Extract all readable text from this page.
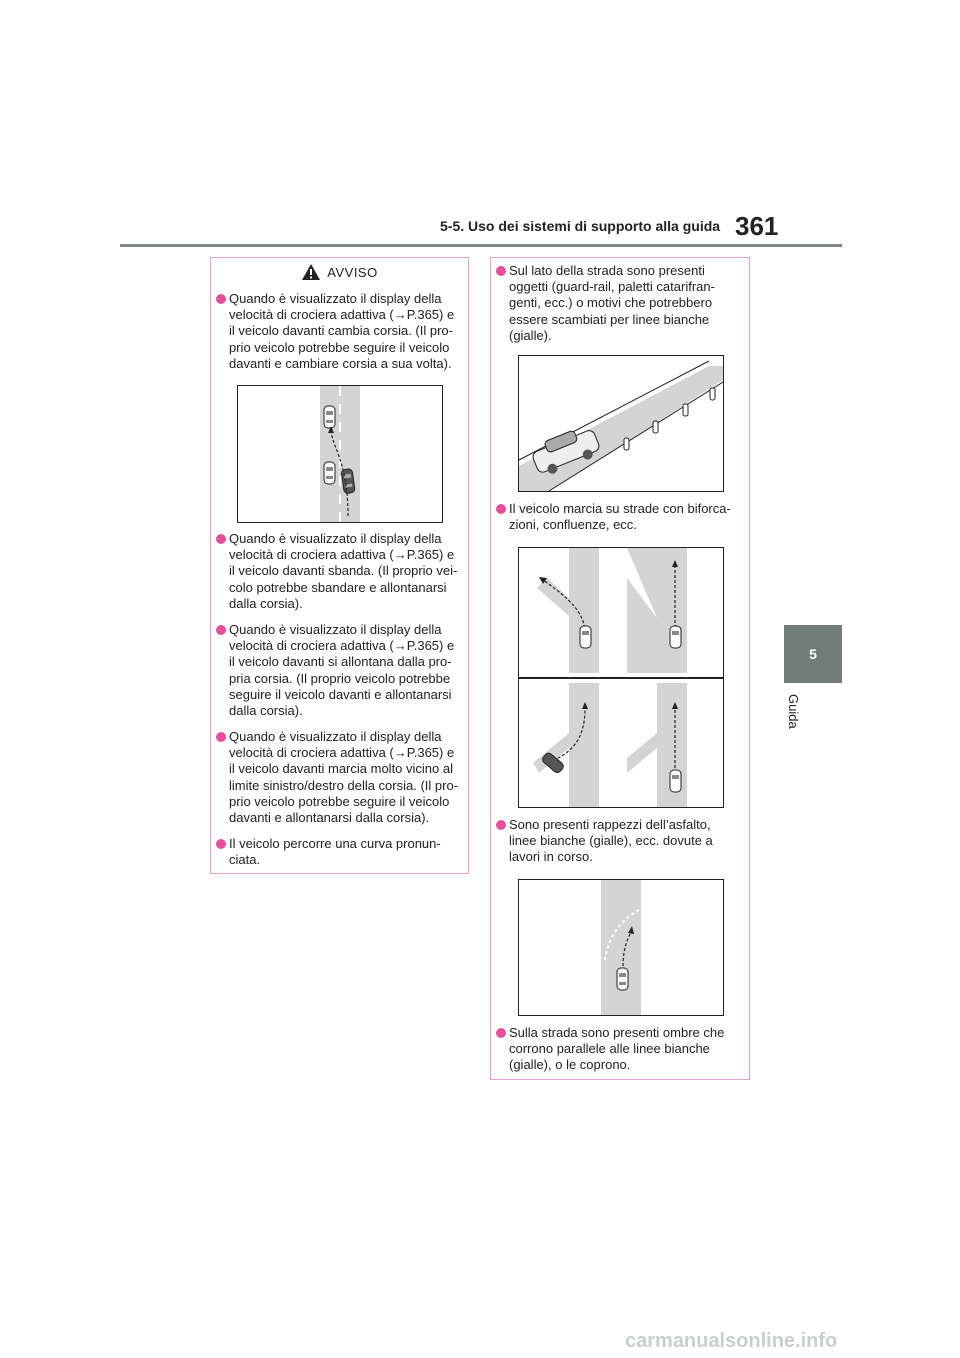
5-5. Uso dei sistemi di supporto alla guida 361
5
Guida
AVVISO
Quando è visualizzato il display della
velocità di crociera adattiva (→P.365) e
il veicolo davanti cambia corsia. (Il pro-
prio veicolo potrebbe seguire il veicolo
davanti e cambiare corsia a sua volta).
Quando è visualizzato il display della
velocità di crociera adattiva (→P.365) e
il veicolo davanti sbanda. (Il proprio vei-
colo potrebbe sbandare e allontanarsi
dalla corsia).
Quando è visualizzato il display della
velocità di crociera adattiva (→P.365) e
il veicolo davanti si allontana dalla pro-
pria corsia. (Il proprio veicolo potrebbe
seguire il veicolo davanti e allontanarsi
dalla corsia).
Quando è visualizzato il display della
velocità di crociera adattiva (→P.365) e
il veicolo davanti marcia molto vicino al
limite sinistro/destro della corsia. (Il pro-
prio veicolo potrebbe seguire il veicolo
davanti e allontanarsi dalla corsia).
Il veicolo percorre una curva pronun-
ciata.
Sul lato della strada sono presenti
oggetti (guard-rail, paletti catarifran-
genti, ecc.) o motivi che potrebbero
essere scambiati per linee bianche
(gialle).
Il veicolo marcia su strade con biforca-
zioni, confluenze, ecc.
Sono presenti rappezzi dell’asfalto,
linee bianche (gialle), ecc. dovute a
lavori in corso.
Sulla strada sono presenti ombre che
corrono parallele alle linee bianche
(gialle), o le coprono.
carmanualsonline.info
